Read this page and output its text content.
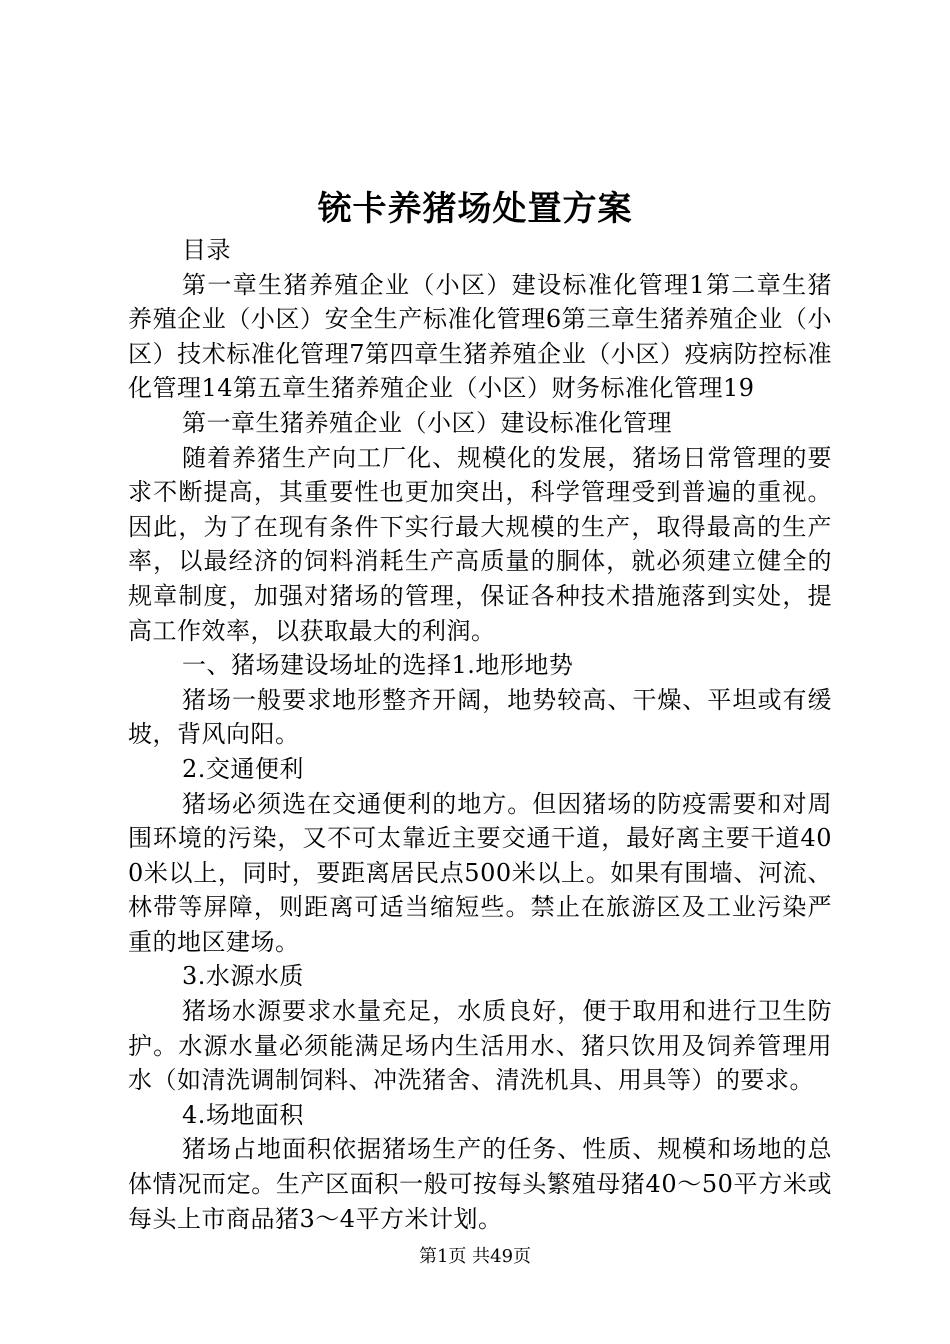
铳卡养猪场处置方案

目录

第一章生猪养殖企业（小区）建设标准化管理1第二章生猪养殖企业（小区）安全生产标准化管理6第三章生猪养殖企业（小区）技术标准化管理7第四章生猪养殖企业（小区）疫病防控标准化管理14第五章生猪养殖企业（小区）财务标准化管理19

第一章生猪养殖企业（小区）建设标准化管理

随着养猪生产向工厂化、规模化的发展，猪场日常管理的要求不断提高，其重要性也更加突出，科学管理受到普遍的重视。因此，为了在现有条件下实行最大规模的生产，取得最高的生产率，以最经济的饲料消耗生产高质量的胴体，就必须建立健全的规章制度，加强对猪场的管理，保证各种技术措施落到实处，提高工作效率，以获取最大的利润。

一、猪场建设场址的选择1.地形地势

猪场一般要求地形整齐开阔，地势较高、干燥、平坦或有缓坡，背风向阳。

2.交通便利

猪场必须选在交通便利的地方。但因猪场的防疫需要和对周围环境的污染，又不可太靠近主要交通干道，最好离主要干道400米以上，同时，要距离居民点500米以上。如果有围墙、河流、林带等屏障，则距离可适当缩短些。禁止在旅游区及工业污染严重的地区建场。

3.水源水质

猪场水源要求水量充足，水质良好，便于取用和进行卫生防护。水源水量必须能满足场内生活用水、猪只饮用及饲养管理用水（如清洗调制饲料、冲洗猪舍、清洗机具、用具等）的要求。

4.场地面积

猪场占地面积依据猪场生产的任务、性质、规模和场地的总体情况而定。生产区面积一般可按每头繁殖母猪40～50平方米或每头上市商品猪3～4平方米计划。

第1页 共49页
